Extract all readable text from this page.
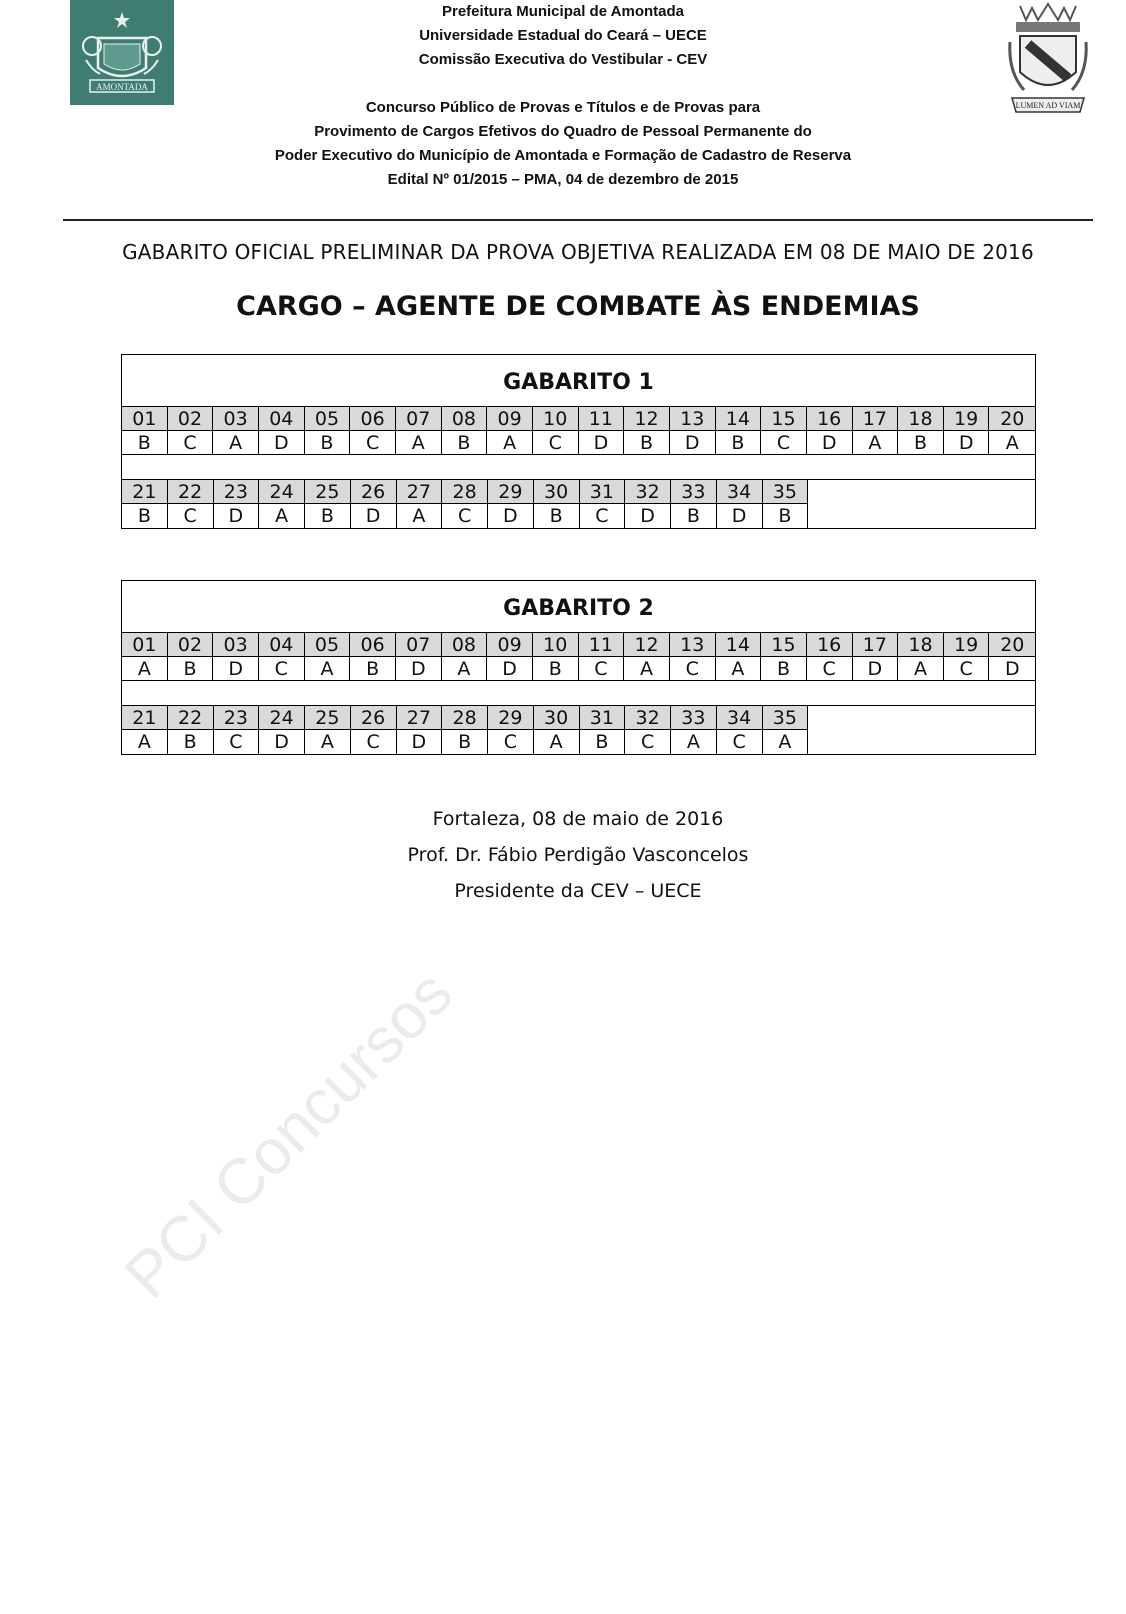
AMONTADA
LUMEN AD VIAM
Prefeitura Municipal de Amontada
Universidade Estadual do Ceará – UECE
Comissão Executiva do Vestibular - CEV
Concurso Público de Provas e Títulos e de Provas para
Provimento de Cargos Efetivos do Quadro de Pessoal Permanente do
Poder Executivo do Município de Amontada e Formação de Cadastro de Reserva
Edital Nº 01/2015 – PMA, 04 de dezembro de 2015
GABARITO OFICIAL PRELIMINAR DA PROVA OBJETIVA REALIZADA EM 08 DE MAIO DE 2016
CARGO – AGENTE DE COMBATE ÀS ENDEMIAS
GABARITO 1
01	02	03	04	05	06	07	08	09	10	11	12	13	14	15	16	17	18	19	20
B	C	A	D	B	C	A	B	A	C	D	B	D	B	C	D	A	B	D	A
21	22	23	24	25	26	27	28	29	30	31	32	33	34	35
B	C	D	A	B	D	A	C	D	B	C	D	B	D	B
GABARITO 2
01	02	03	04	05	06	07	08	09	10	11	12	13	14	15	16	17	18	19	20
A	B	D	C	A	B	D	A	D	B	C	A	C	A	B	C	D	A	C	D
21	22	23	24	25	26	27	28	29	30	31	32	33	34	35
A	B	C	D	A	C	D	B	C	A	B	C	A	C	A
Fortaleza, 08 de maio de 2016
Prof. Dr. Fábio Perdigão Vasconcelos
Presidente da CEV – UECE
PCI Concursos
